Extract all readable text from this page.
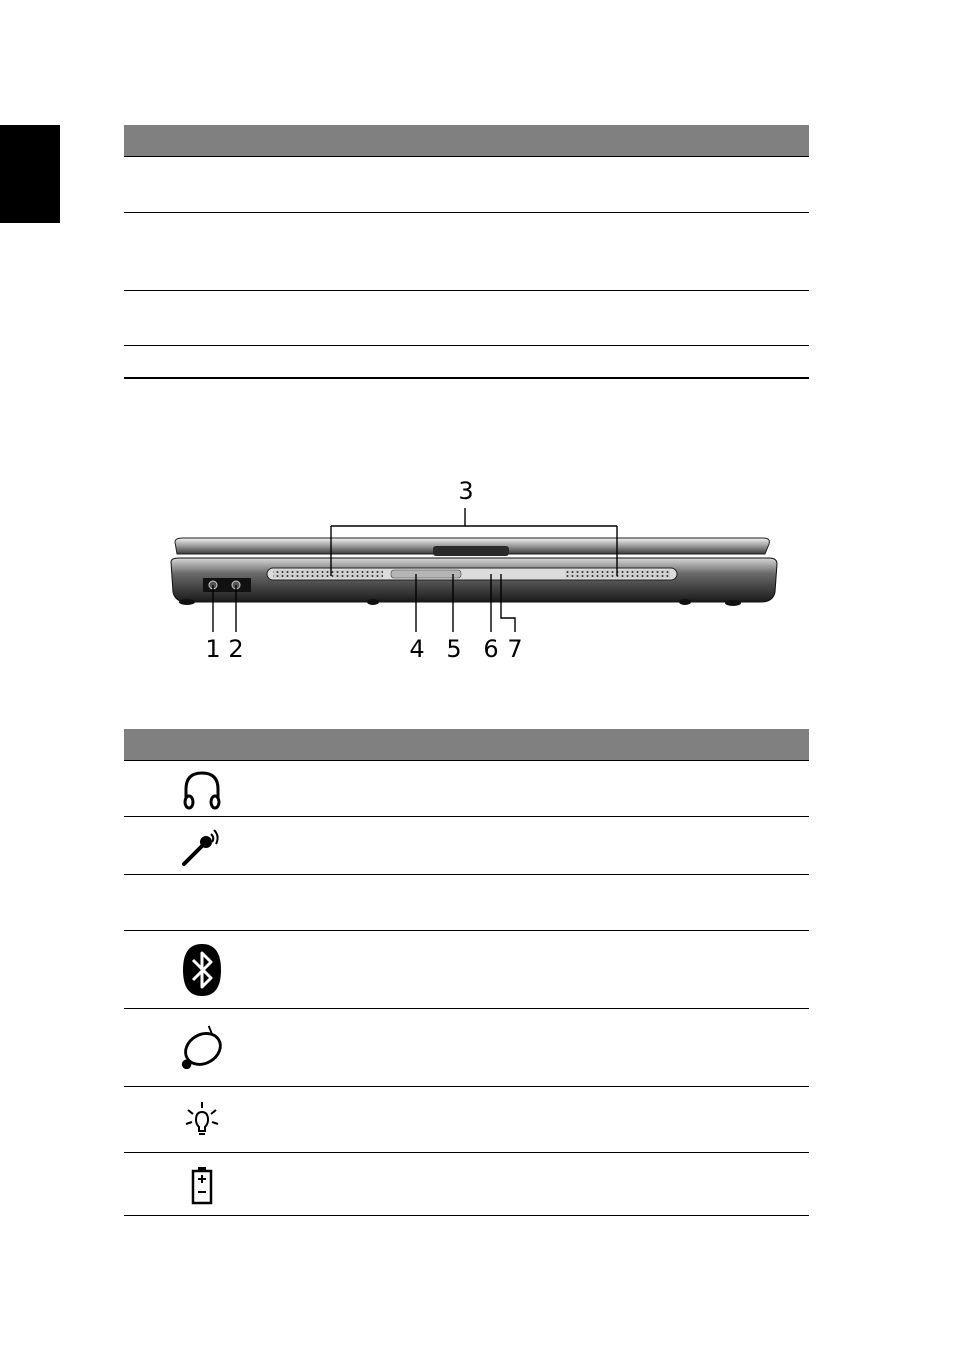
3
1 2	4 5 6 7
